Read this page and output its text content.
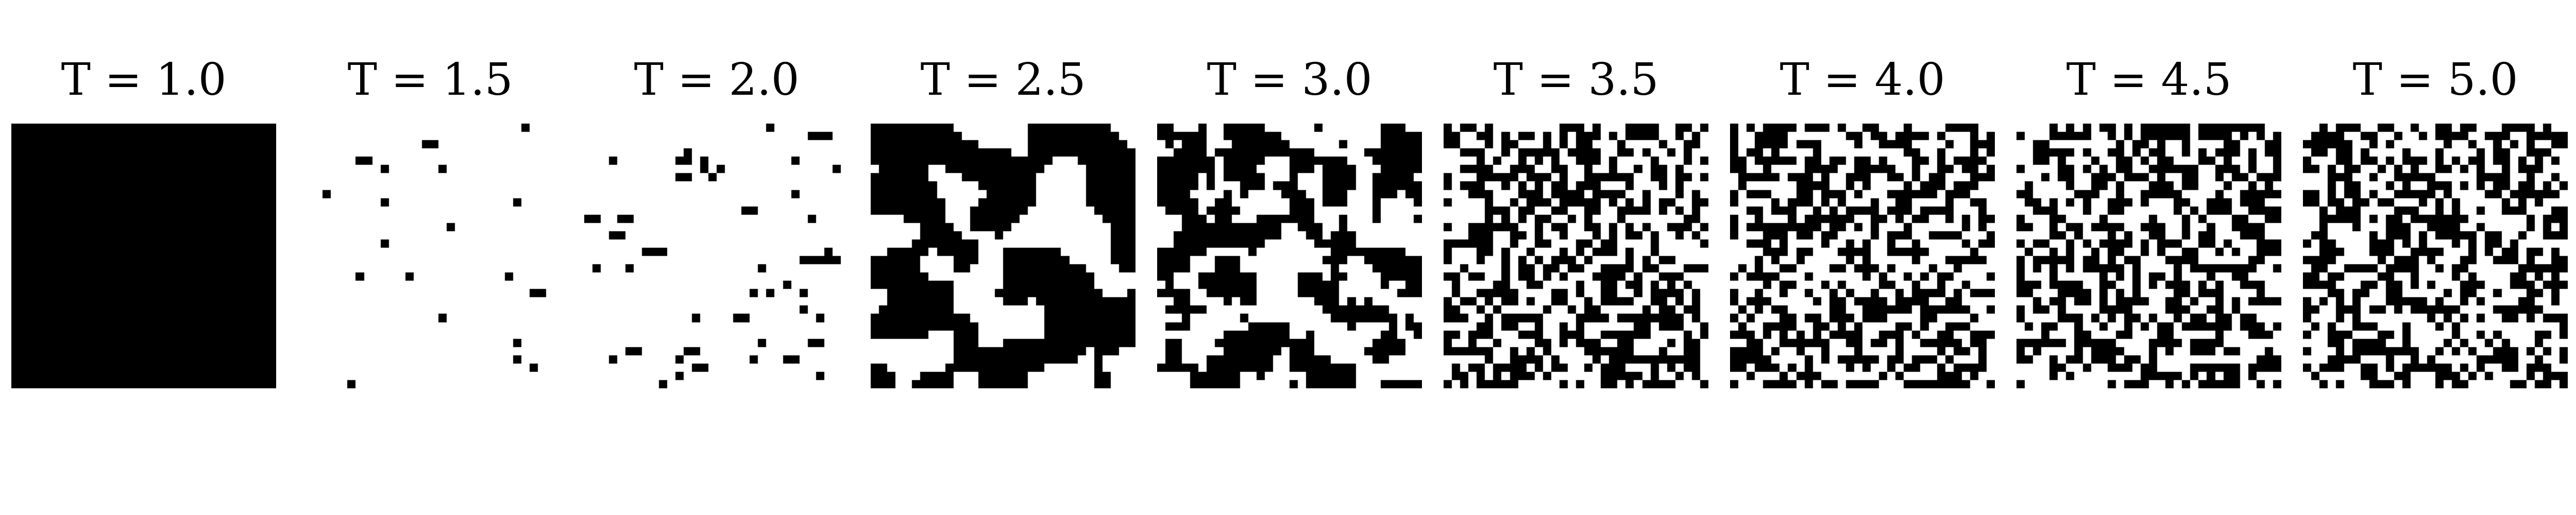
T = 1.0	T = 1.5	T = 2.0	T = 2.5	T = 3.0	T = 3.5	T = 4.0	T = 4.5	T = 5.0
